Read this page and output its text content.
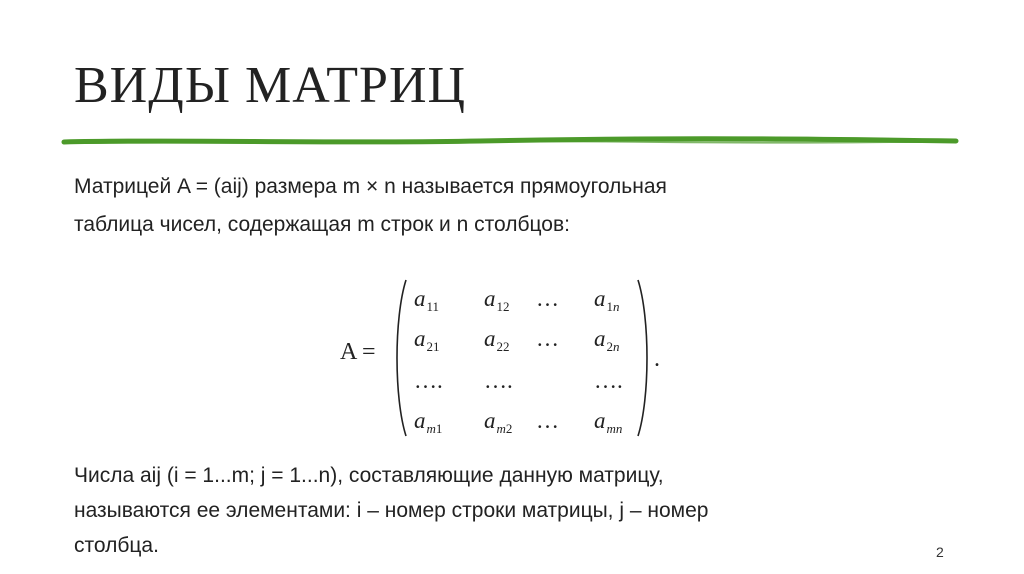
ВИДЫ МАТРИЦ
Матрицей A = (aij) размера m × n называется прямоугольная
таблица чисел, содержащая m строк и n столбцов:
A =
$a_{11}$ $a_{12}$ … $a_{1n}$
$a_{21}$ $a_{22}$ … $a_{2n}$
…. ….	….
$a_{m1}$ $a_{m2}$ … $a_{mn}$
.
Числа aij (i = 1...m; j = 1...n), составляющие данную матрицу,
называются ее элементами: i – номер строки матрицы, j – номер
столбца.	2
